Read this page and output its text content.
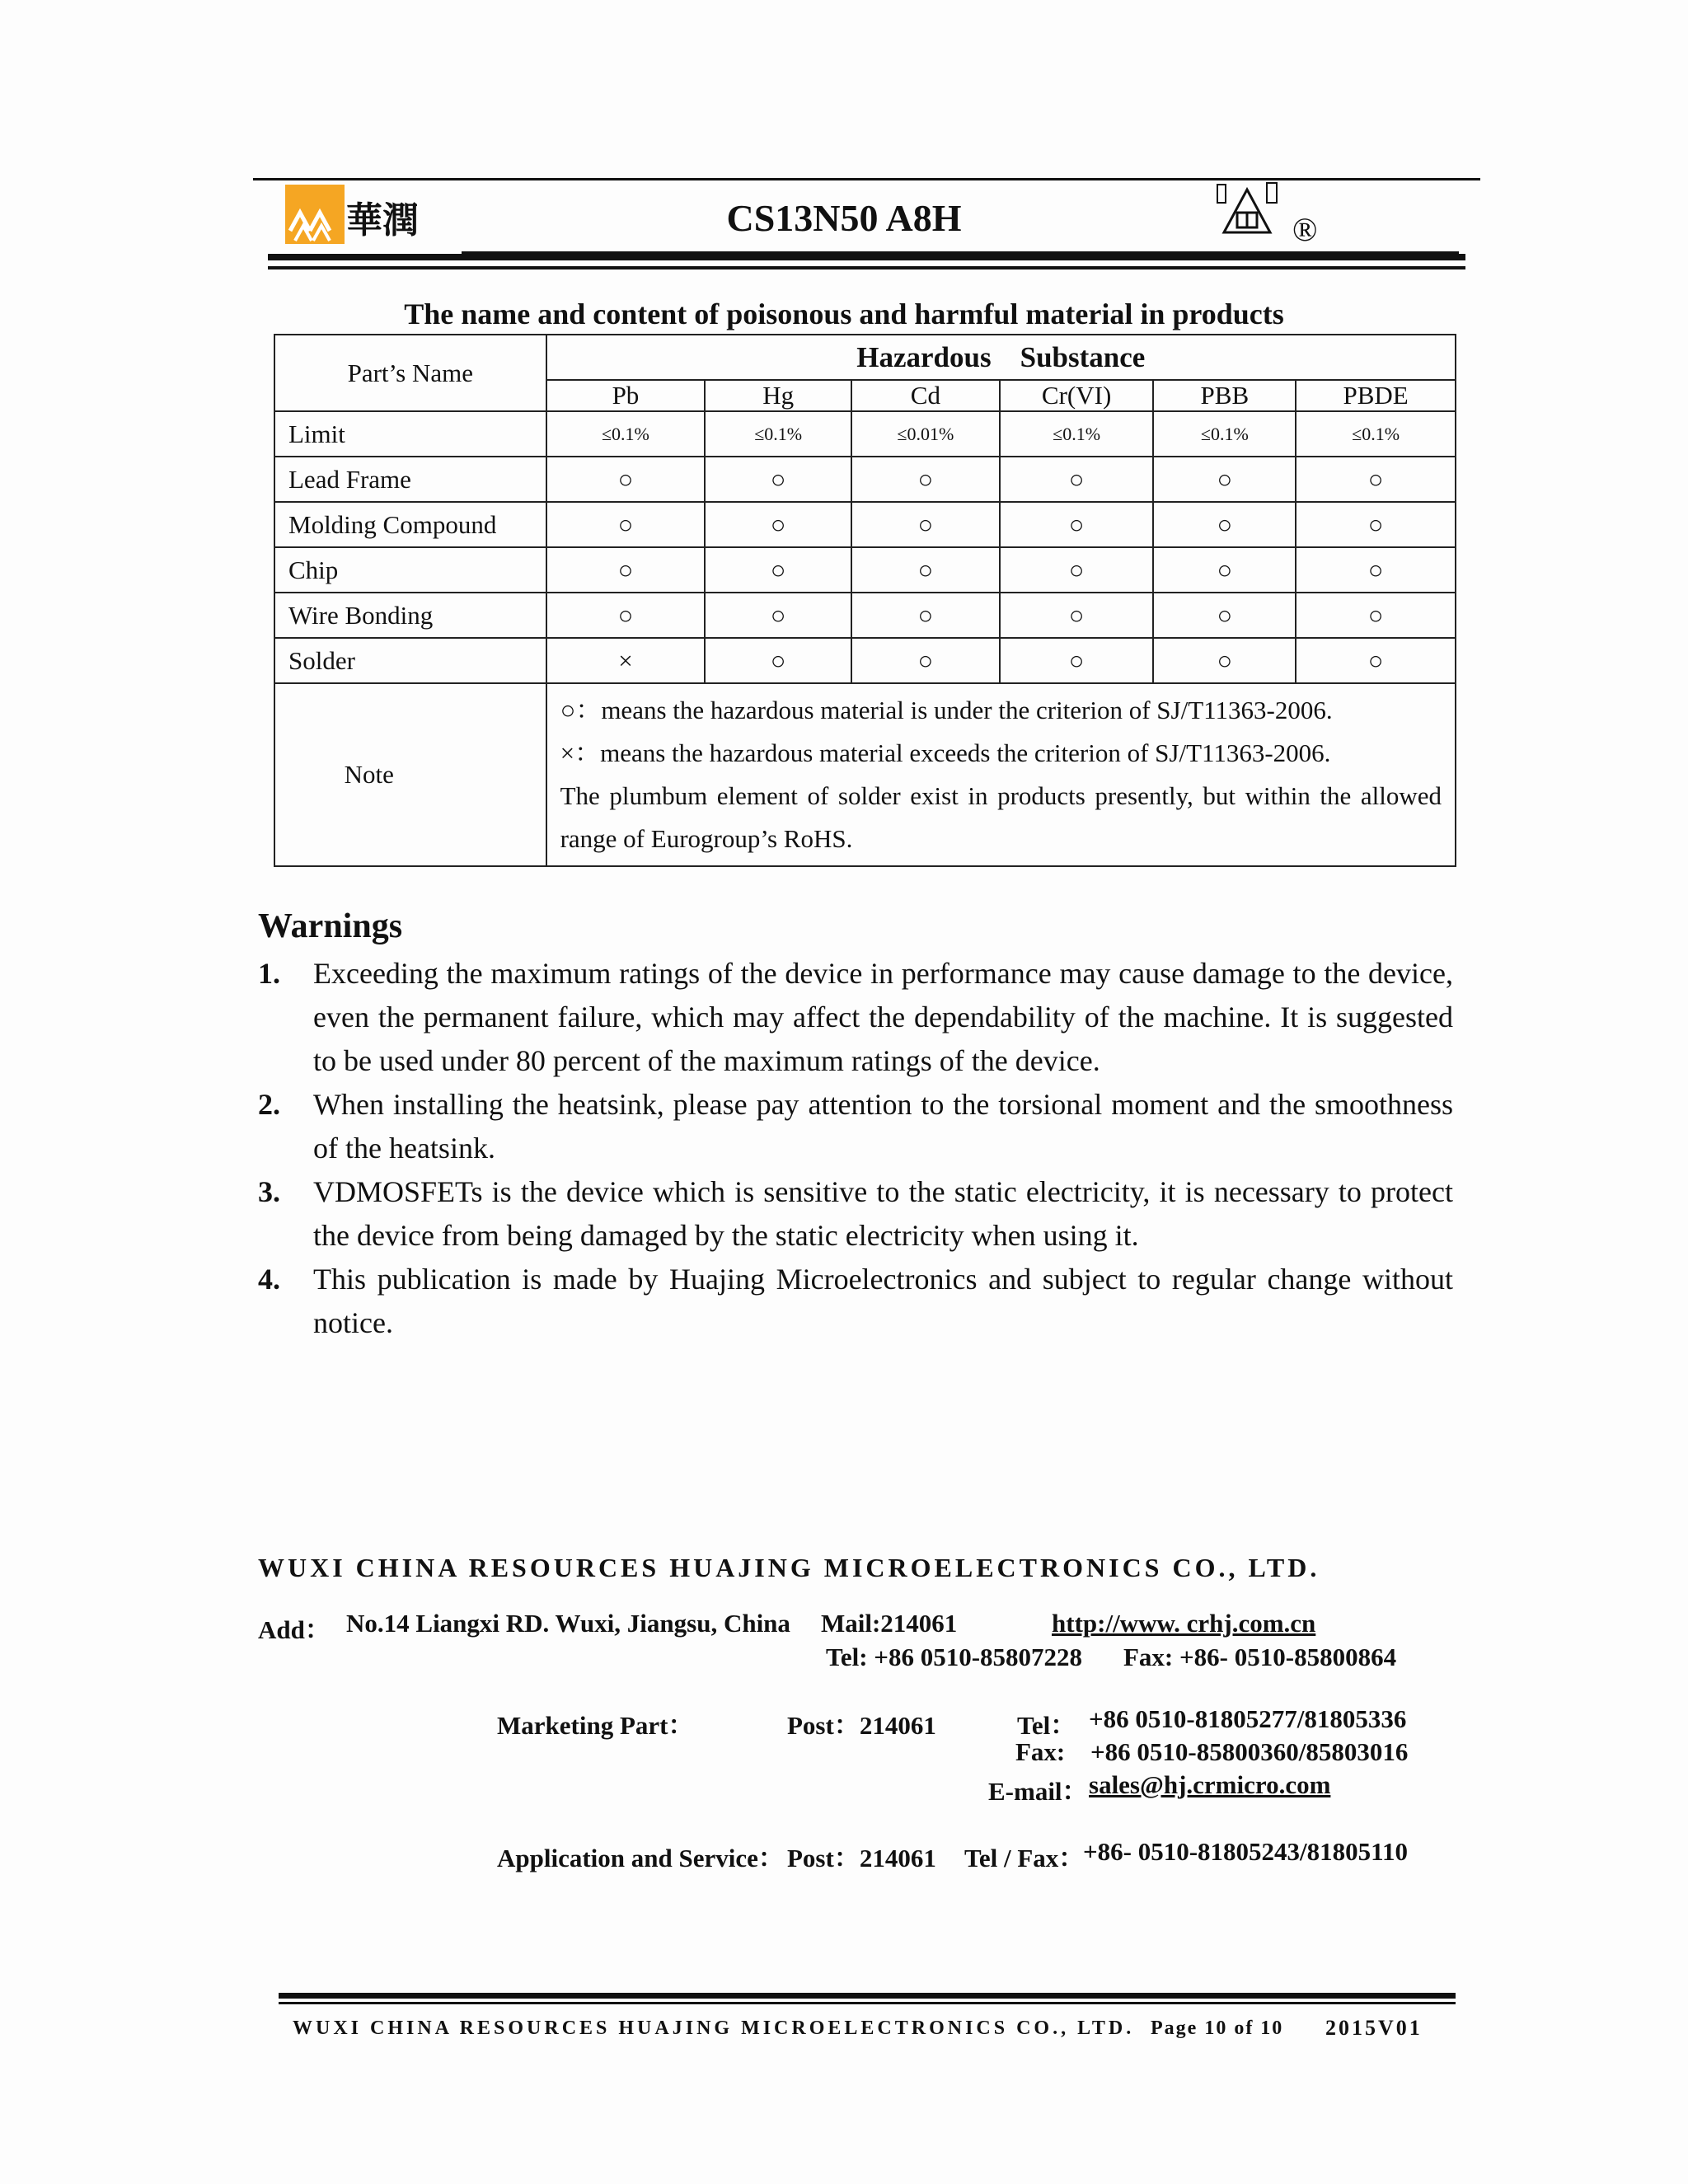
華潤	CS13N50 A8H	®
The name and content of poisonous and harmful material in products
Part’s Name	Hazardous    Substance					
	Pb	Hg	Cd	Cr(VI)	PBB	PBDE
Limit	≤0.1%	≤0.1%	≤0.01%	≤0.1%	≤0.1%	≤0.1%
Lead Frame	○	○	○	○	○	○
Molding Compound	○	○	○	○	○	○
Chip	○	○	○	○	○	○
Wire Bonding	○	○	○	○	○	○
Solder	×	○	○	○	○	○
Note	○：means the hazardous material is under the criterion of SJ/T11363-2006.
×：means the hazardous material exceeds the criterion of SJ/T11363-2006.
The plumbum element of solder exist in products presently, but within the allowed range of Eurogroup’s RoHS.					
Warnings
1. Exceeding the maximum ratings of the device in performance may cause damage to the device, even the permanent failure, which may affect the dependability of the machine. It is suggested to be used under 80 percent of the maximum ratings of the device.
2. When installing the heatsink, please pay attention to the torsional moment and the smoothness of the heatsink.
3. VDMOSFETs is the device which is sensitive to the static electricity, it is necessary to protect the device from being damaged by the static electricity when using it.
4. This publication is made by Huajing Microelectronics and subject to regular change without notice.
WUXI CHINA RESOURCES HUAJING MICROELECTRONICS CO., LTD.
Add： No.14 Liangxi RD. Wuxi, Jiangsu, China Mail:214061	http://www. crhj.com.cn
Tel: +86 0510-85807228 Fax: +86- 0510-85800864
Marketing Part：	Post：214061	Tel： +86 0510-81805277/81805336
Fax: +86 0510-85800360/85803016
E-mail： sales@hj.crmicro.com
Application and Service： Post：214061 Tel / Fax：
+86- 0510-81805243/81805110
WUXI CHINA RESOURCES HUAJING MICROELECTRONICS CO., LTD. Page 10 of 10 2015V01
